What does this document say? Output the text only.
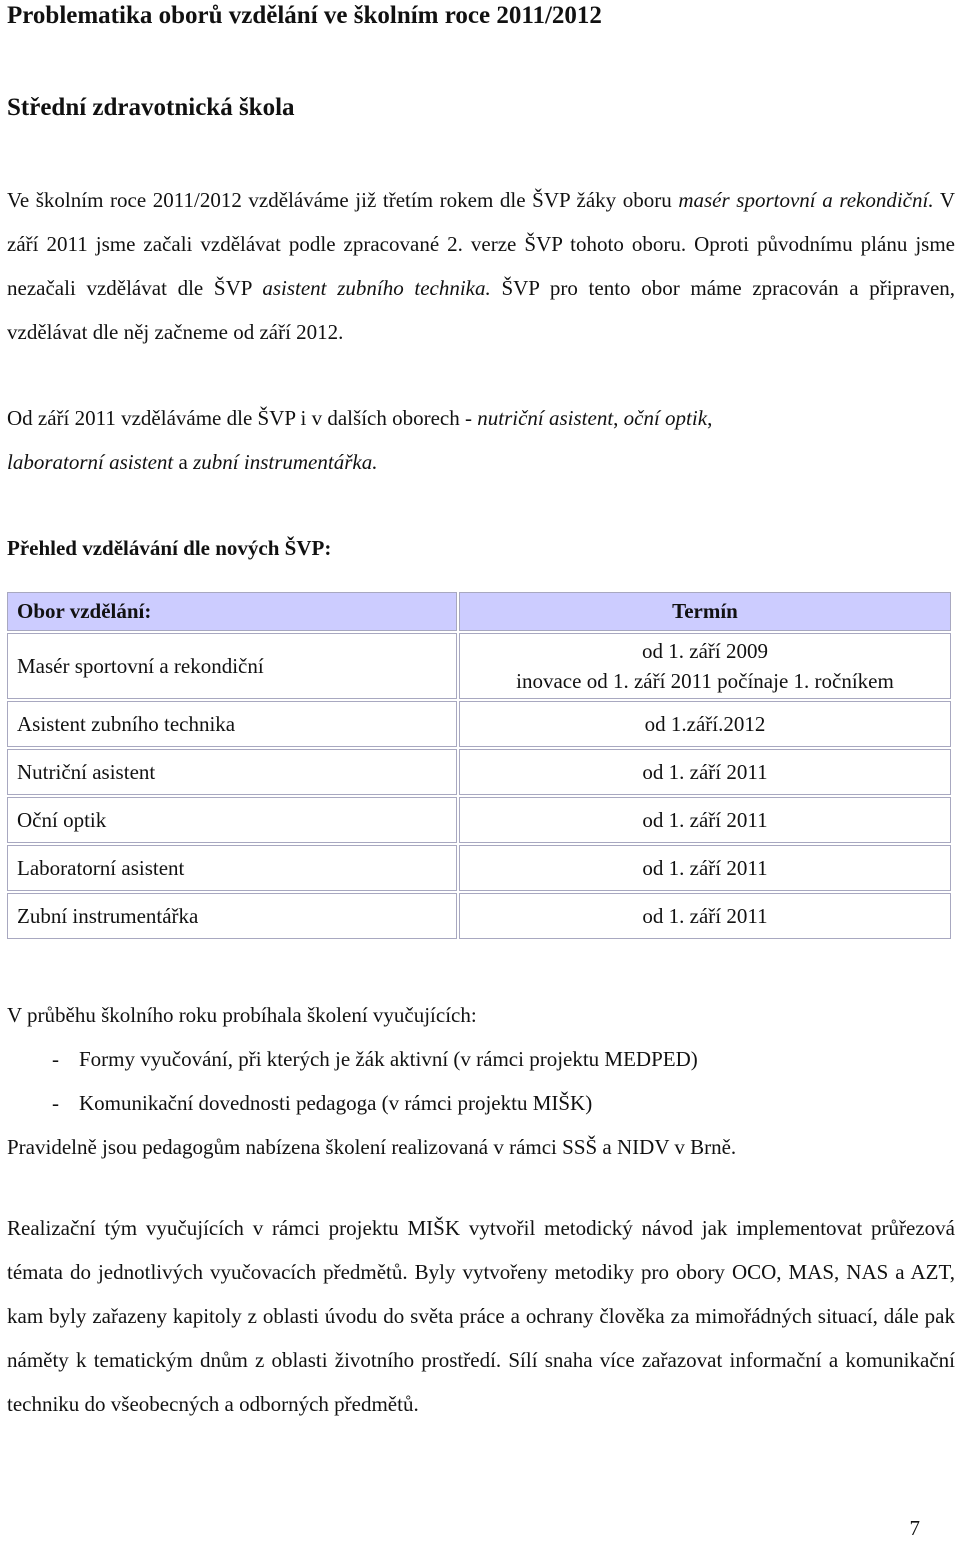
Problematika oborů vzdělání ve školním roce 2011/2012
Střední zdravotnická škola

Ve školním roce 2011/2012 vzděláváme již třetím rokem dle ŠVP žáky oboru masér sportovní a rekondiční. V září 2011 jsme začali vzdělávat podle zpracované 2. verze ŠVP tohoto oboru. Oproti původnímu plánu jsme nezačali vzdělávat dle ŠVP asistent zubního technika. ŠVP pro tento obor máme zpracován a připraven, vzdělávat dle něj začneme od září 2012.

Od září 2011 vzděláváme dle ŠVP i v dalších oborech - nutriční asistent, oční optik,
laboratorní asistent a zubní instrumentářka.

Přehled vzdělávání dle nových ŠVP:
Obor vzdělání:	Termín
Masér sportovní a rekondiční	od 1. září 2009
inovace od 1. září 2011 počínaje 1. ročníkem

Asistent zubního technika	od 1.září.2012
Nutriční asistent	od 1. září 2011
Oční optik	od 1. září 2011
Laboratorní asistent	od 1. září 2011
Zubní instrumentářka	od 1. září 2011
V průběhu školního roku probíhala školení vyučujících:
- Formy vyučování, při kterých je žák aktivní (v rámci projektu MEDPED)
- Komunikační dovednosti pedagoga (v rámci projektu MIŠK)
Pravidelně jsou pedagogům nabízena školení realizovaná v rámci SSŠ a NIDV v Brně.

Realizační tým vyučujících v rámci projektu MIŠK vytvořil metodický návod jak implementovat průřezová témata do jednotlivých vyučovacích předmětů. Byly vytvořeny metodiky pro obory OCO, MAS, NAS a AZT, kam byly zařazeny kapitoly z oblasti úvodu do světa práce a ochrany člověka za mimořádných situací, dále pak náměty k tematickým dnům z oblasti životního prostředí. Sílí snaha více zařazovat informační a komunikační techniku do všeobecných a odborných předmětů.

7
